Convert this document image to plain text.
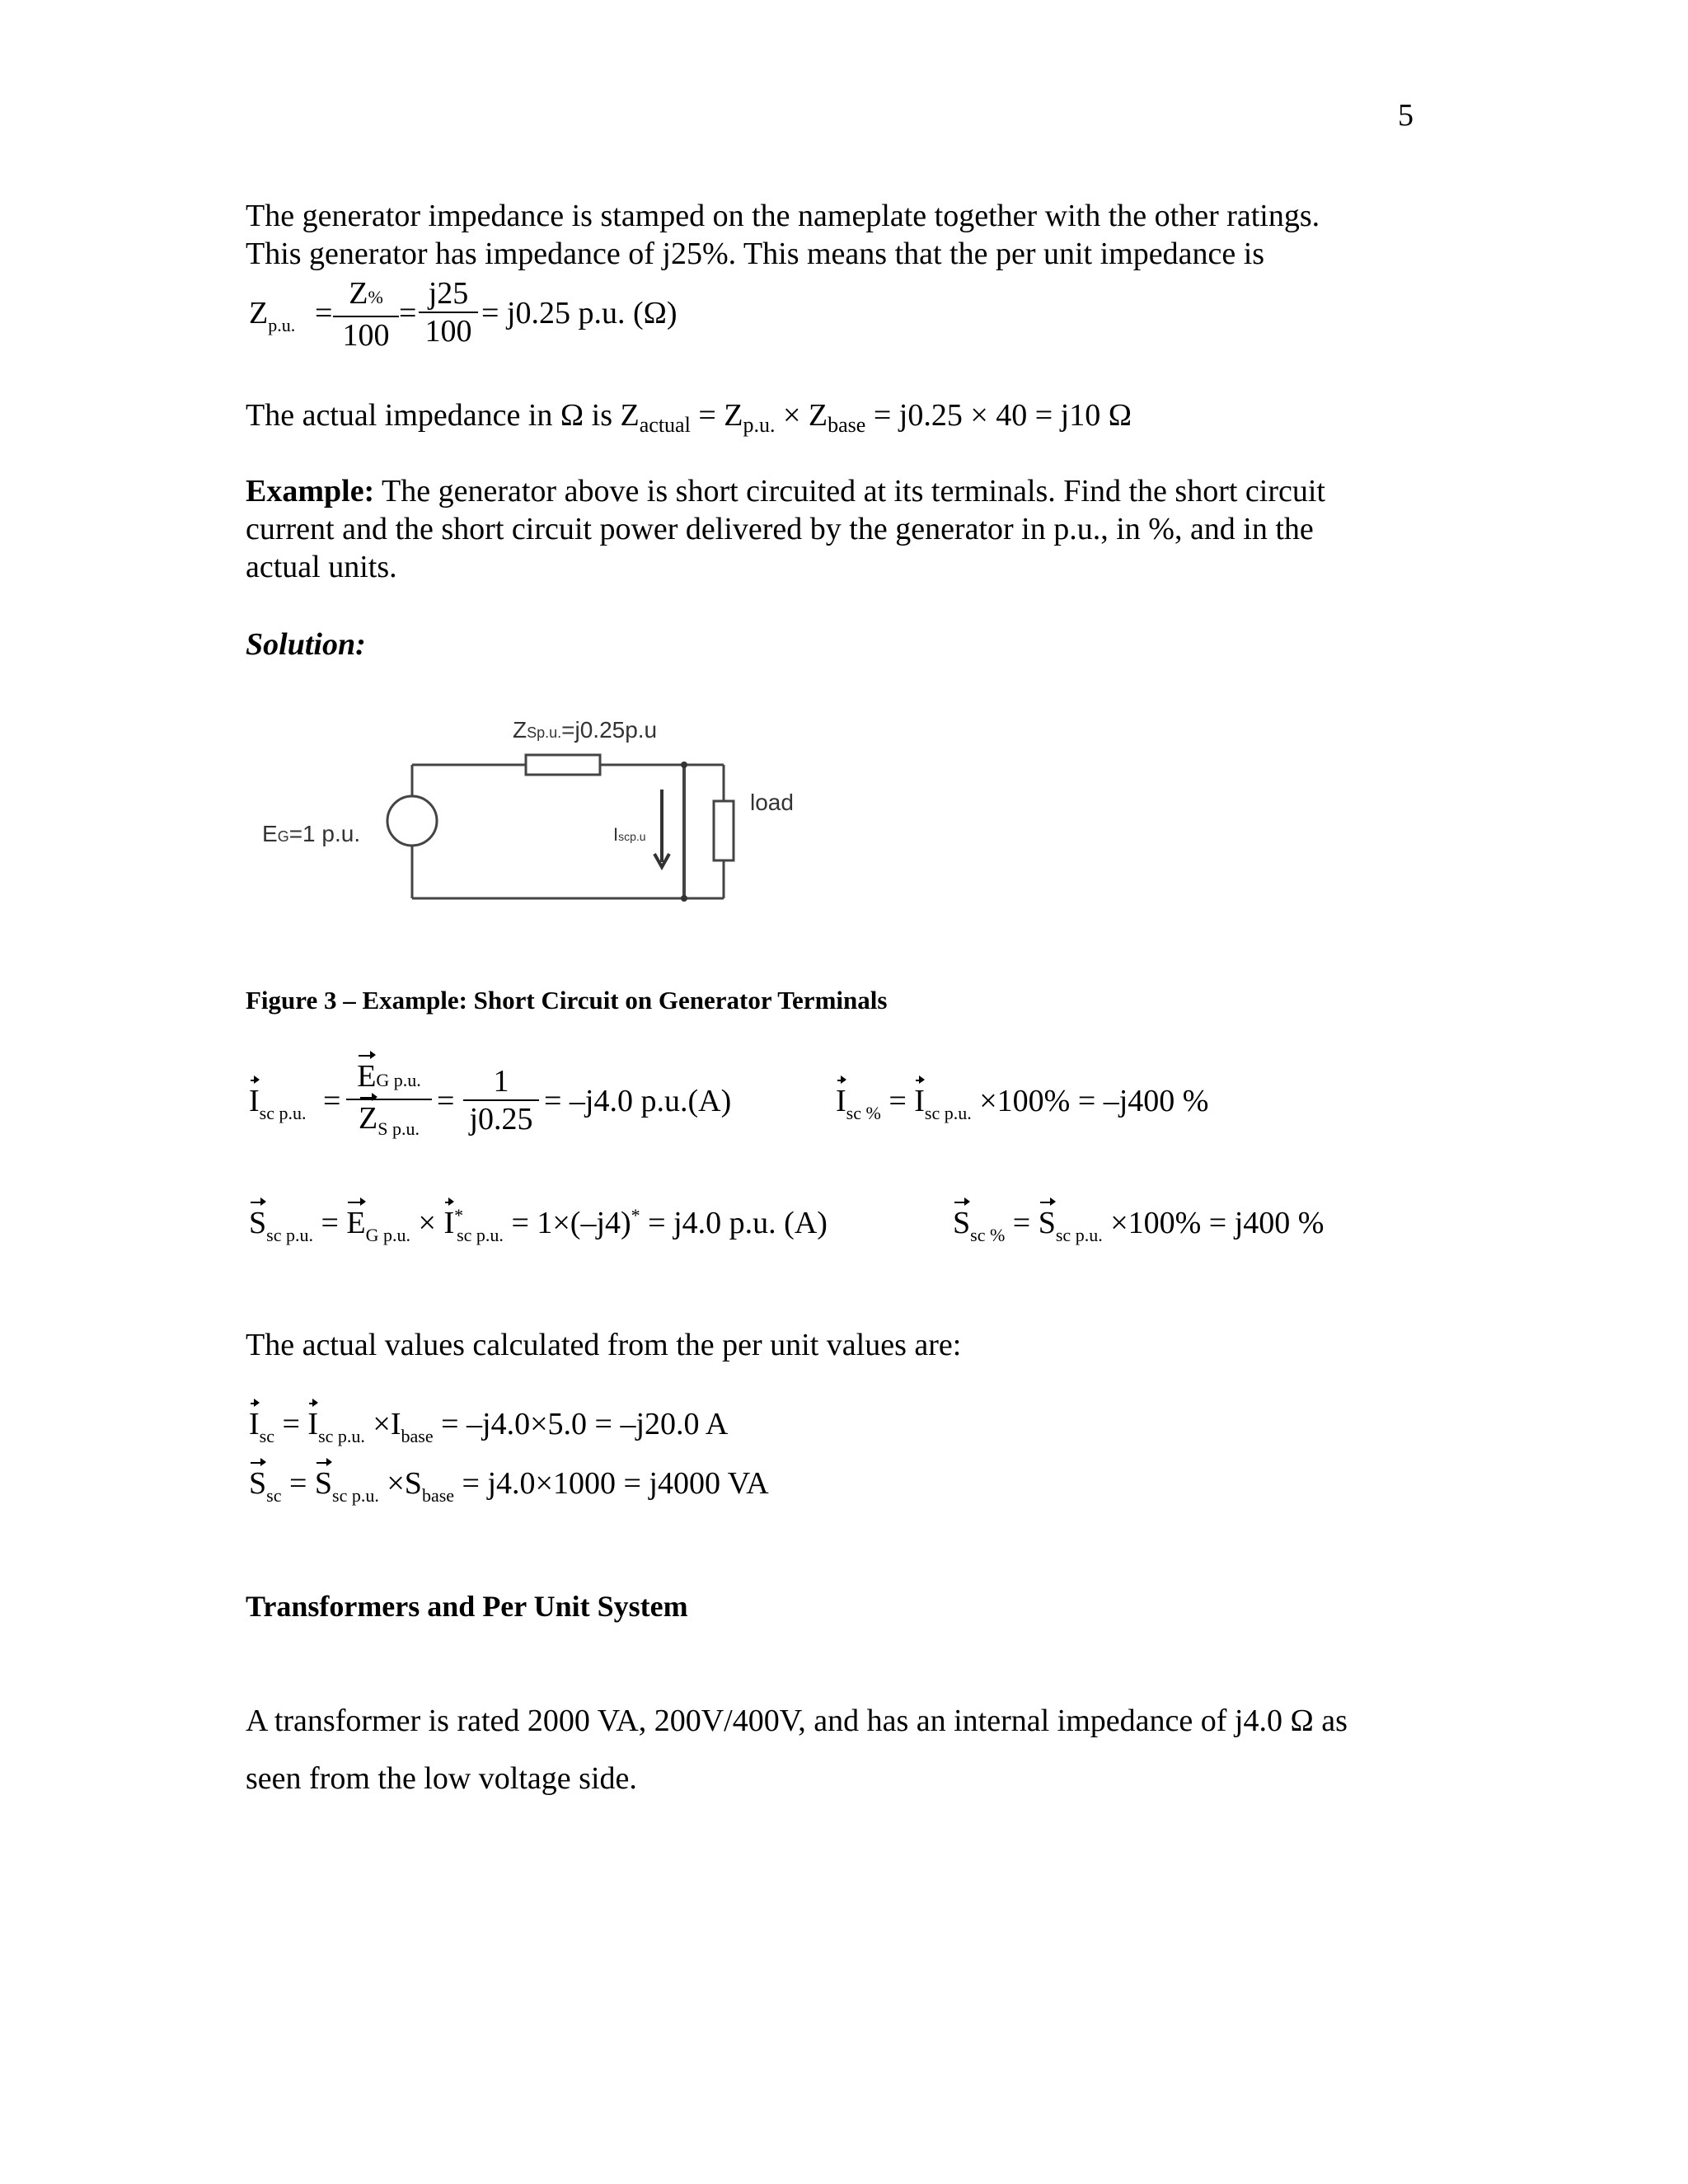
5
The generator impedance is stamped on the nameplate together with the other ratings.
This generator has impedance of j25%. This means that the per unit impedance is
$Z_{p.u.}$ =
Z%
100
=
j25
100
= j0.25 p.u. (Ω)
The actual impedance in Ω is $Z_{actual} = Z_{p.u.} \times Z_{base} = j0.25 \times 40 = j10$ Ω
Example: The generator above is short circuited at its terminals. Find the short circuit
current and the short circuit power delivered by the generator in p.u., in %, and in the
actual units.
Solution:
ZSp.u.=j0.25p.u
EG=1 p.u.	Iscp.u
load
Figure 3 – Example: Short Circuit on Generator Terminals
$I_{sc p.u.}$ =
EG p.u.
$Z_{S p.u.}$
=
1
j0.25
= –j4.0 p.u.(A)	$I_{sc \%} = I_{sc p.u.} \times 100\% = -j400$ %
$S_{sc p.u.} = E_{G p.u.} \times I^*_{sc p.u.} = 1\times(-j4)^* = j4.0$ p.u. (A)	$S_{sc \%} = S_{sc p.u.} \times 100\% = j400$ %
The actual values calculated from the per unit values are:
$I_{sc} = I_{sc p.u.} \times I_{base} = -j4.0\times 5.0 = -j20.0$ A
$S_{sc} = S_{sc p.u.} \times S_{base} = j4.0\times 1000 = j4000$ VA
Transformers and Per Unit System
A transformer is rated 2000 VA, 200V/400V, and has an internal impedance of j4.0 Ω as
seen from the low voltage side.
